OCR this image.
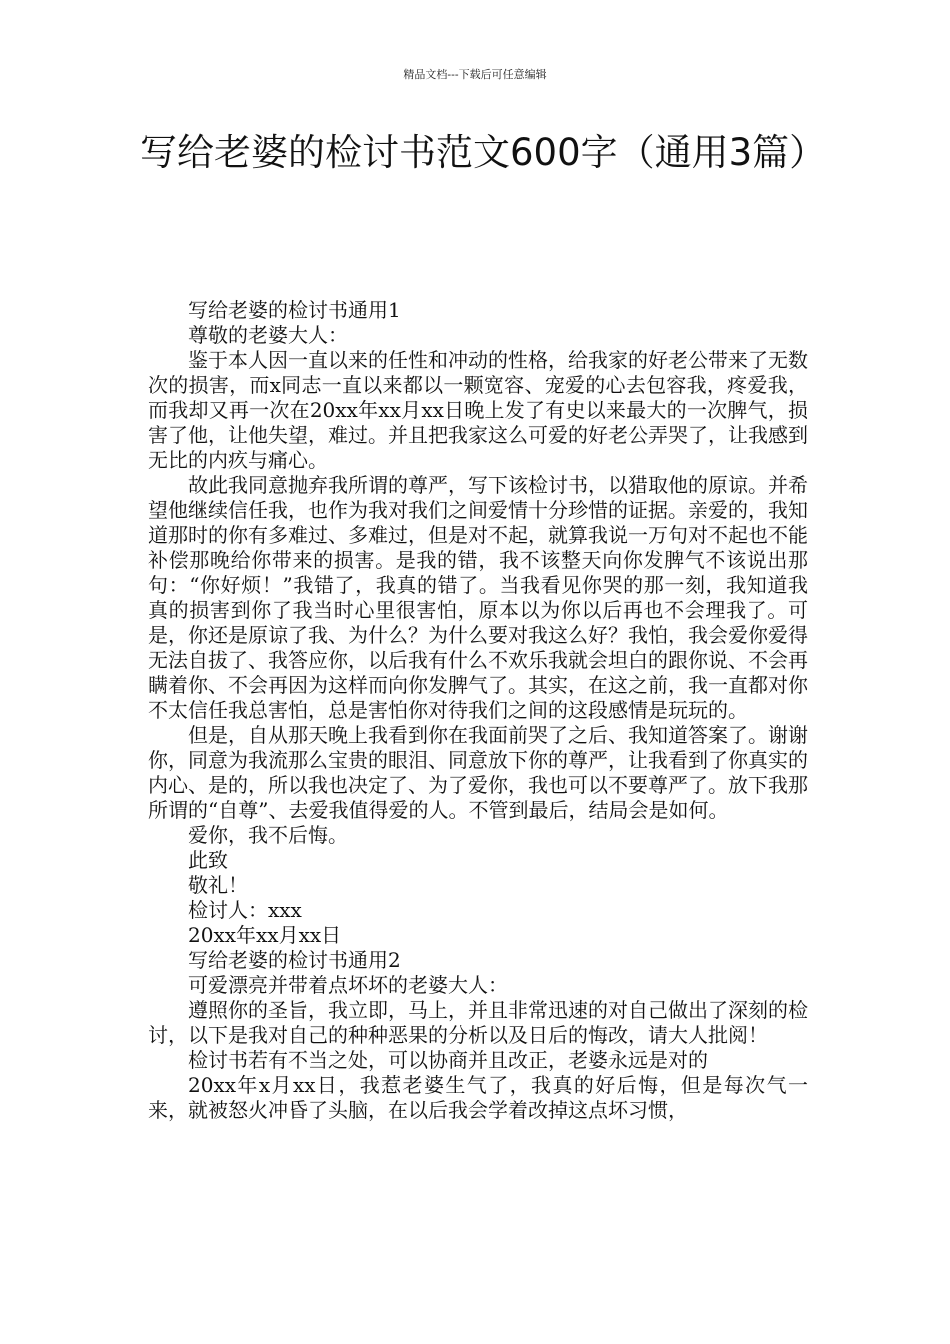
精品文档---下载后可任意编辑
写给老婆的检讨书范文600字（通用3篇）

写给老婆的检讨书通用1

尊敬的老婆大人：

鉴于本人因一直以来的任性和冲动的性格，给我家的好老公带来了无数次的损害，而x同志一直以来都以一颗宽容、宠爱的心去包容我，疼爱我，而我却又再一次在20xx年xx月xx日晚上发了有史以来最大的一次脾气，损害了他，让他失望，难过。并且把我家这么可爱的好老公弄哭了，让我感到无比的内疚与痛心。

故此我同意抛弃我所谓的尊严，写下该检讨书，以猎取他的原谅。并希望他继续信任我，也作为我对我们之间爱情十分珍惜的证据。亲爱的，我知道那时的你有多难过、多难过，但是对不起，就算我说一万句对不起也不能补偿那晚给你带来的损害。是我的错，我不该整天向你发脾气不该说出那句：“你好烦！”我错了，我真的错了。当我看见你哭的那一刻，我知道我真的损害到你了我当时心里很害怕，原本以为你以后再也不会理我了。可是，你还是原谅了我、为什么？为什么要对我这么好？我怕，我会爱你爱得无法自拔了、我答应你，以后我有什么不欢乐我就会坦白的跟你说、不会再瞒着你、不会再因为这样而向你发脾气了。其实，在这之前，我一直都对你不太信任我总害怕，总是害怕你对待我们之间的这段感情是玩玩的。

但是，自从那天晚上我看到你在我面前哭了之后、我知道答案了。谢谢你，同意为我流那么宝贵的眼泪、同意放下你的尊严，让我看到了你真实的内心、是的，所以我也决定了、为了爱你，我也可以不要尊严了。放下我那所谓的“自尊”、去爱我值得爱的人。不管到最后，结局会是如何。

爱你，我不后悔。

此致

敬礼！

检讨人：xxx

20xx年xx月xx日

写给老婆的检讨书通用2

可爱漂亮并带着点坏坏的老婆大人：

遵照你的圣旨，我立即，马上，并且非常迅速的对自己做出了深刻的检讨，以下是我对自己的种种恶果的分析以及日后的悔改，请大人批阅！

检讨书若有不当之处，可以协商并且改正，老婆永远是对的

20xx年x月xx日，我惹老婆生气了，我真的好后悔，但是每次气一来，就被怒火冲昏了头脑，在以后我会学着改掉这点坏习惯，
